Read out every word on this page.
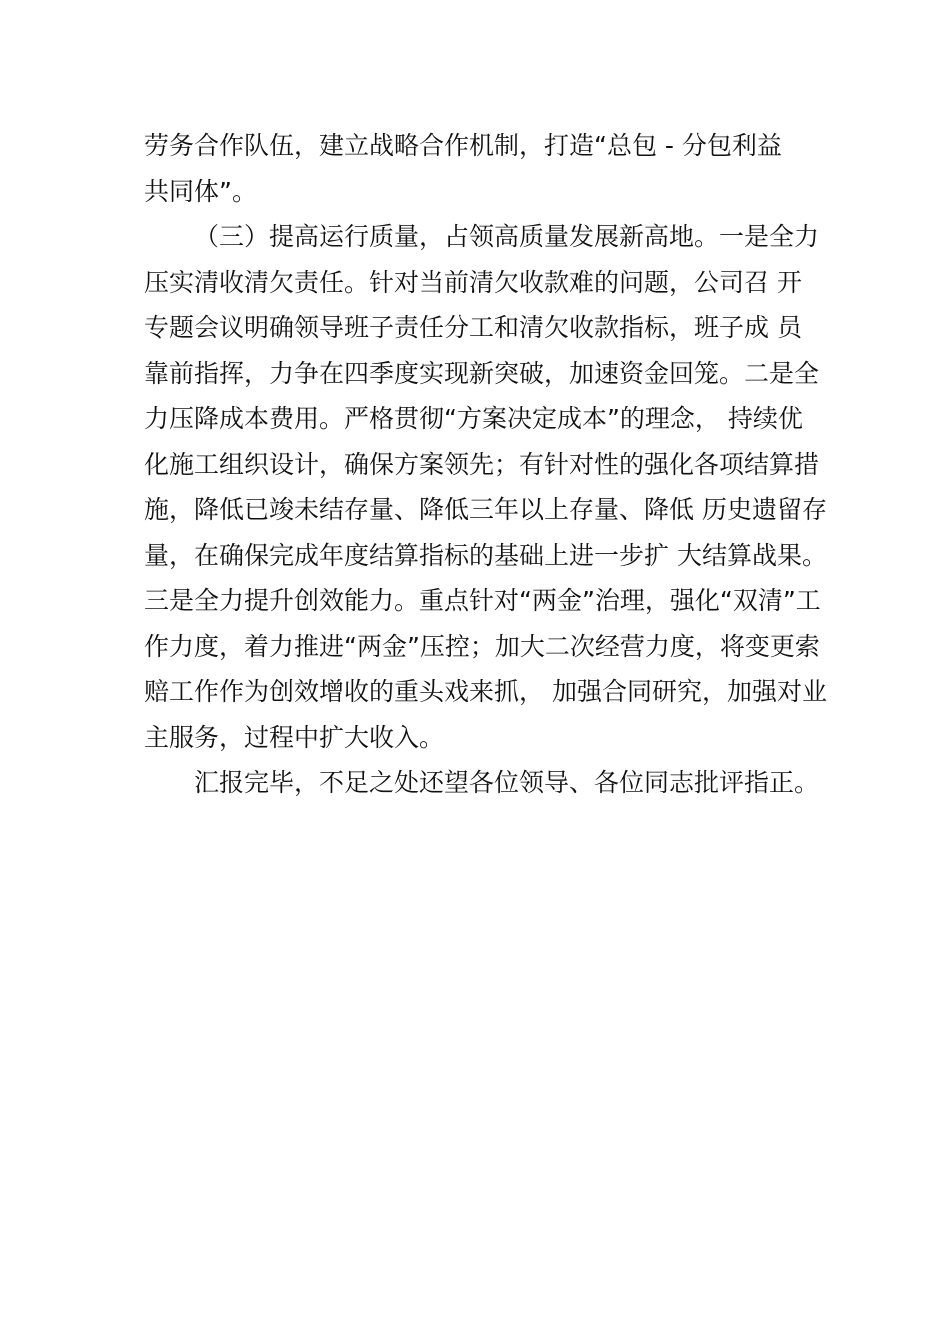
劳务合作队伍，建立战略合作机制，打造“总包 - 分包利益
共同体”。
（三）提高运行质量，占领高质量发展新高地。一是全力
压实清收清欠责任。针对当前清欠收款难的问题，公司召 开
专题会议明确领导班子责任分工和清欠收款指标，班子成 员
靠前指挥，力争在四季度实现新突破，加速资金回笼。二是全
力压降成本费用。严格贯彻“方案决定成本”的理念， 持续优
化施工组织设计，确保方案领先；有针对性的强化各项结算措
施，降低已竣未结存量、降低三年以上存量、降低 历史遗留存
量，在确保完成年度结算指标的基础上进一步扩 大结算战果。
三是全力提升创效能力。重点针对“两金”治理，强化“双清”工
作力度，着力推进“两金”压控；加大二次经营力度，将变更索
赔工作作为创效增收的重头戏来抓， 加强合同研究，加强对业
主服务，过程中扩大收入。
汇报完毕，不足之处还望各位领导、各位同志批评指正。
